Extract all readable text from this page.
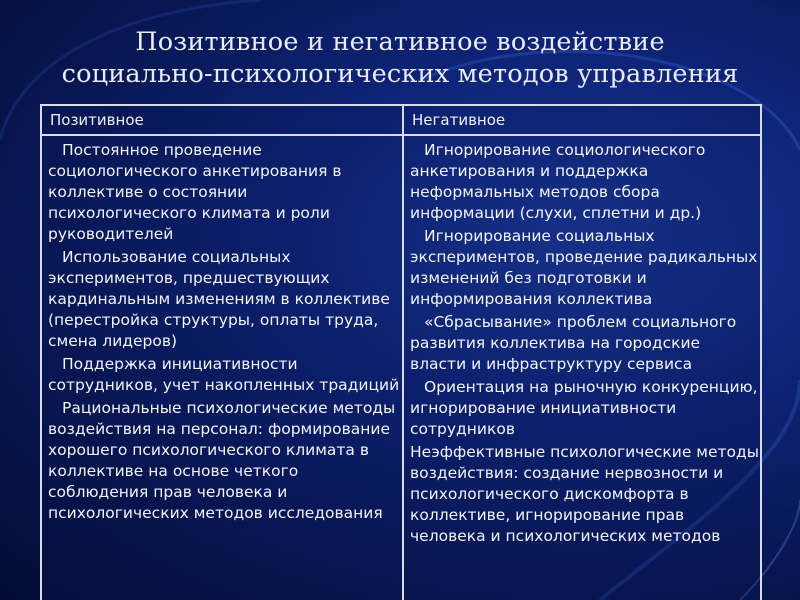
Позитивное и негативное воздействие
социально-психологических методов управления
Позитивное	Негативное

Постоянное проведение социологического анкетирования в коллективе о состоянии психологического климата и роли руководителей

Использование социальных экспериментов, предшествующих кардинальным изменениям в коллективе (перестройка структуры, оплаты труда, смена лидеров)

Поддержка инициативности сотрудников, учет накопленных традиций

Рациональные психологические методы воздействия на персонал: формирование хорошего психологического климата в коллективе на основе четкого соблюдения прав человека и психологических методов исследования

Игнорирование социологического анкетирования и поддержка неформальных методов сбора информации (слухи, сплетни и др.)

Игнорирование социальных экспериментов, проведение радикальных изменений без подготовки и информирования коллектива

«Сбрасывание» проблем социального развития коллектива на городские власти и инфраструктуру сервиса

Ориентация на рыночную конкуренцию, игнорирование инициативности сотрудников

Неэффективные психологические методы воздействия: создание нервозности и психологического дискомфорта в коллективе, игнорирование прав человека и психологических методов
